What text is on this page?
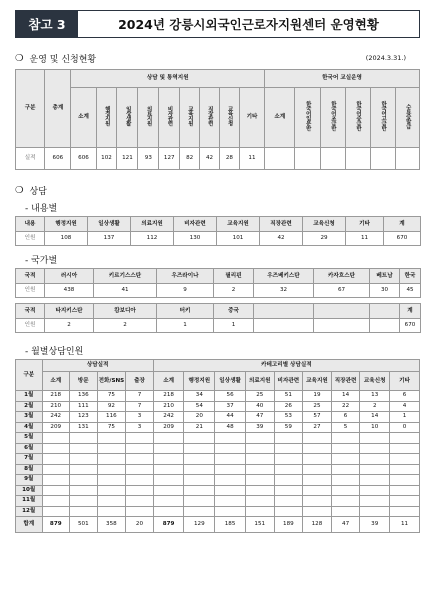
참고 3	2024년 강릉시외국인근로자지원센터 운영현황
❍ 운영 및 신청현황	(2024.3.31.)
구분	총계	상담 및 통역지원									한국어 교실운영					
		소계	행정지원	임상생활	의료지원	비자관련	교육지원	직장관련	교육신청	기타	소계	한국어입문반	한국어초급반	한국어중급반	한국어고급반	수료증발급
실적	606	606	102	121	93	127	82	42	28	11						
❍ 상담
- 내용별
내용	행정지원	일상생활	의료지원	비자관련	교육지원	직장관련	교육신청	기타	계
인원	108	137	112	130	101	42	29	11	670
- 국가별
국적	러시아	키르기스스탄	우즈라이나	필리핀	우즈베키스탄	카자흐스탄	베트남	한국
인원	438	41	9	2	32	67	30	45
국적	타지키스탄	캄보디아	터키	중국				계
인원	2	2	1	1				670
- 월별상담인원
구분	상담실적				카테고리별 상담실적								
	소계	방문	전화/SNS	출장	소계	행정지원	일상생활	의료지원	비자관련	교육지원	직장관련	교육신청	기타
1월	218	136	75	7	218	34	56	25	51	19	14	13	6
2월	210	111	92	7	210	54	37	40	26	25	22	2	4
3월	242	123	116	3	242	20	44	47	53	57	6	14	1
4월	209	131	75	3	209	21	48	39	59	27	5	10	0
5월													
6월													
7월													
8월													
9월													
10월													
11월													
12월													
합계	879	501	358	20	879	129	185	151	189	128	47	39	11
